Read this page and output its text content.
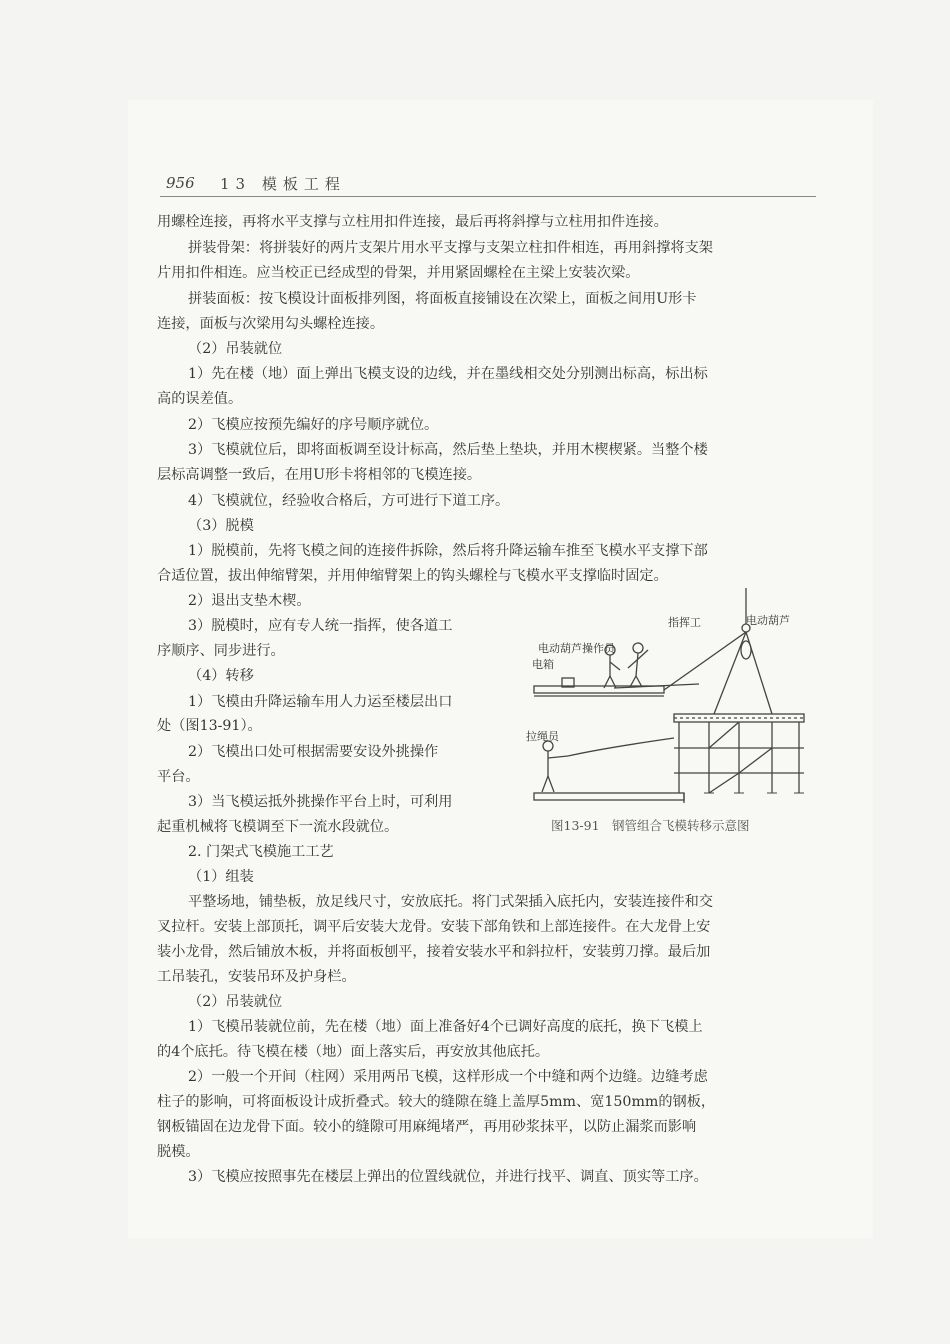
956 13 模板工程
用螺栓连接，再将水平支撑与立柱用扣件连接，最后再将斜撑与立柱用扣件连接。
拼装骨架：将拼装好的两片支架片用水平支撑与支架立柱扣件相连，再用斜撑将支架
片用扣件相连。应当校正已经成型的骨架，并用紧固螺栓在主梁上安装次梁。
拼装面板：按飞模设计面板排列图，将面板直接铺设在次梁上，面板之间用U形卡
连接，面板与次梁用勾头螺栓连接。
（2）吊装就位
1）先在楼（地）面上弹出飞模支设的边线，并在墨线相交处分别测出标高，标出标
高的误差值。
2）飞模应按预先编好的序号顺序就位。
3）飞模就位后，即将面板调至设计标高，然后垫上垫块，并用木楔楔紧。当整个楼
层标高调整一致后，在用U形卡将相邻的飞模连接。
4）飞模就位，经验收合格后，方可进行下道工序。
（3）脱模
1）脱模前，先将飞模之间的连接件拆除，然后将升降运输车推至飞模水平支撑下部
合适位置，拔出伸缩臂架，并用伸缩臂架上的钩头螺栓与飞模水平支撑临时固定。
2）退出支垫木楔。
3）脱模时，应有专人统一指挥，使各道工
序顺序、同步进行。
（4）转移
1）飞模由升降运输车用人力运至楼层出口
处（图13-91）。
2）飞模出口处可根据需要安设外挑操作
平台。
3）当飞模运抵外挑操作平台上时，可利用
起重机械将飞模调至下一流水段就位。
2. 门架式飞模施工工艺
（1）组装
平整场地，铺垫板，放足线尺寸，安放底托。将门式架插入底托内，安装连接件和交
叉拉杆。安装上部顶托，调平后安装大龙骨。安装下部角铁和上部连接件。在大龙骨上安
装小龙骨，然后铺放木板，并将面板刨平，接着安装水平和斜拉杆，安装剪刀撑。最后加
工吊装孔，安装吊环及护身栏。
（2）吊装就位
1）飞模吊装就位前，先在楼（地）面上准备好4个已调好高度的底托，换下飞模上
的4个底托。待飞模在楼（地）面上落实后，再安放其他底托。
2）一般一个开间（柱网）采用两吊飞模，这样形成一个中缝和两个边缝。边缝考虑
柱子的影响，可将面板设计成折叠式。较大的缝隙在缝上盖厚5mm、宽150mm的钢板，
钢板锚固在边龙骨下面。较小的缝隙可用麻绳堵严，再用砂浆抹平，以防止漏浆而影响
脱模。
3）飞模应按照事先在楼层上弹出的位置线就位，并进行找平、调直、顶实等工序。
指挥工	电动葫芦
电动葫芦操作员
电箱
拉绳员
图13-91　钢管组合飞模转移示意图
